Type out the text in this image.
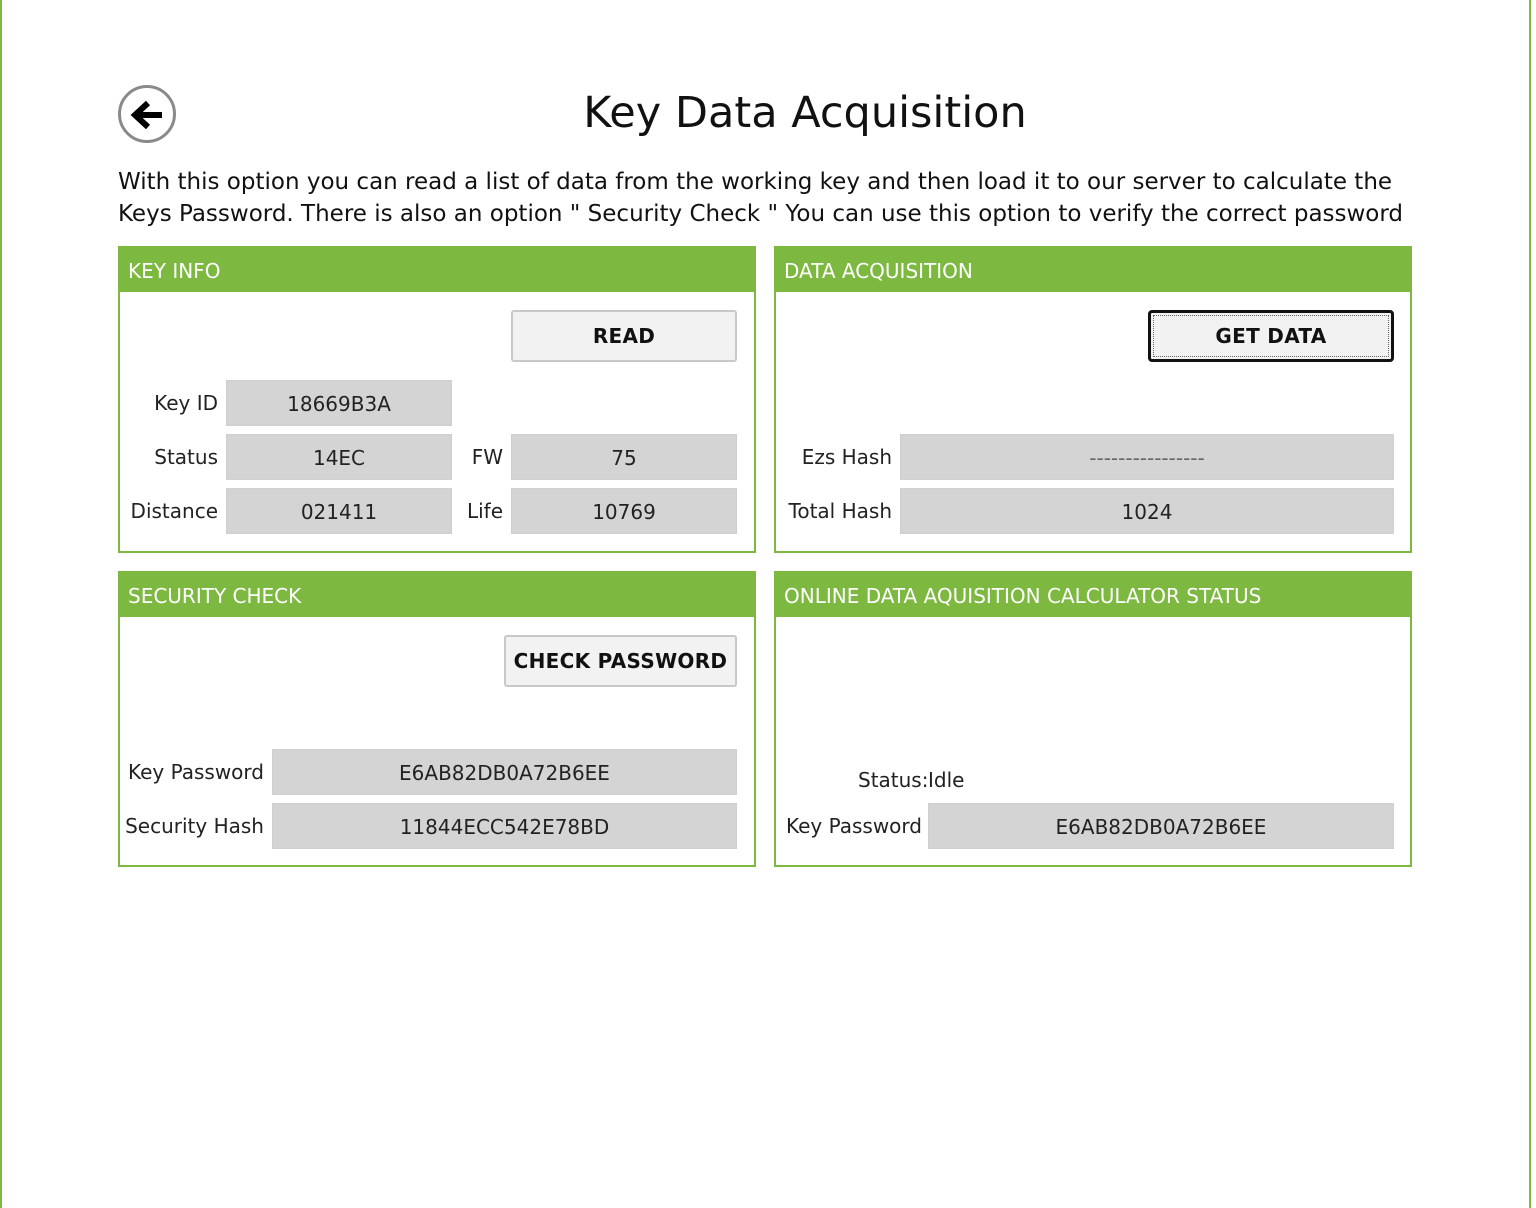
Key Data Acquisition

With this option you can read a list of data from the working key and then load it to our server to calculate the Keys Password. There is also an option " Security Check " You can use this option to verify the correct password

KEY INFO
READ
Key ID	18669B3A
Status	14EC	FW	75
Distance	021411	Life	10769
DATA ACQUISITION
GET DATA
Ezs Hash	----------------
Total Hash	1024
SECURITY CHECK
CHECK PASSWORD
Key Password	E6AB82DB0A72B6EE
Security Hash	11844ECC542E78BD
ONLINE DATA AQUISITION CALCULATOR STATUS
Status: Idle
Key Password	E6AB82DB0A72B6EE
